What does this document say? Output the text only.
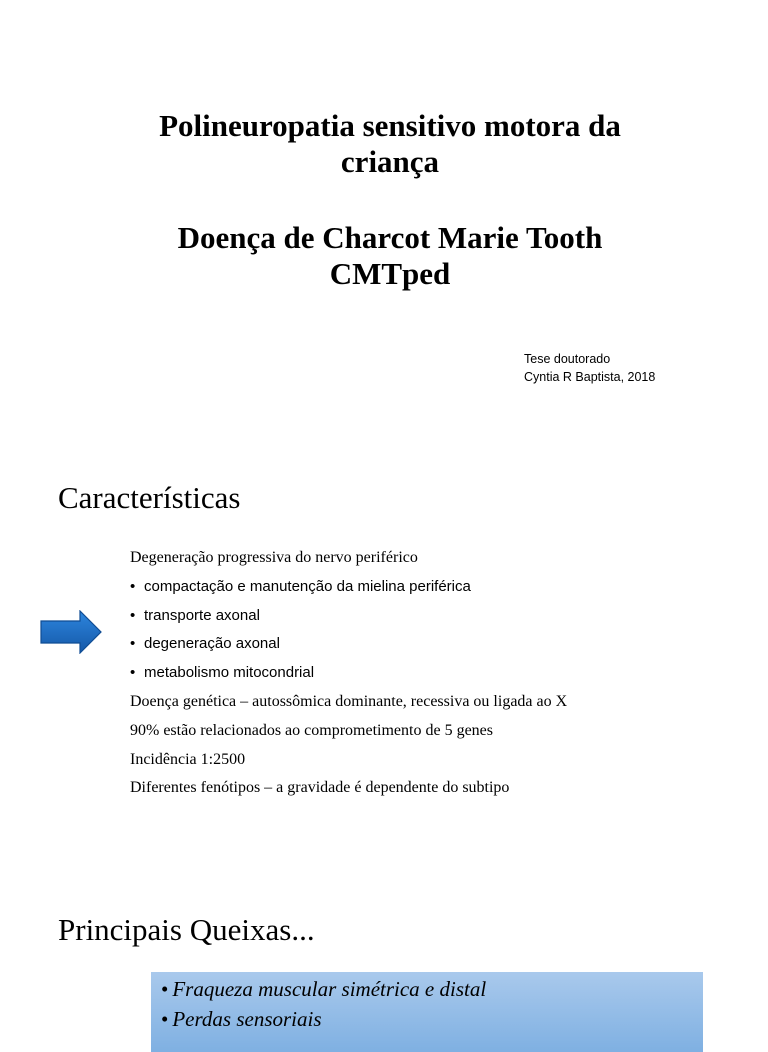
Polineuropatia sensitivo motora da
criança
Doença de Charcot Marie Tooth
CMTped
Tese doutorado
Cyntia R Baptista, 2018
Características
Degeneração progressiva do nervo periférico
• compactação e manutenção da mielina periférica
• transporte axonal
• degeneração axonal
• metabolismo mitocondrial
Doença genética – autossômica dominante, recessiva ou ligada ao X
90% estão relacionados ao comprometimento de 5 genes
Incidência 1:2500
Diferentes fenótipos – a gravidade é dependente do subtipo
Principais Queixas...
• Fraqueza muscular simétrica e distal
• Perdas sensoriais
